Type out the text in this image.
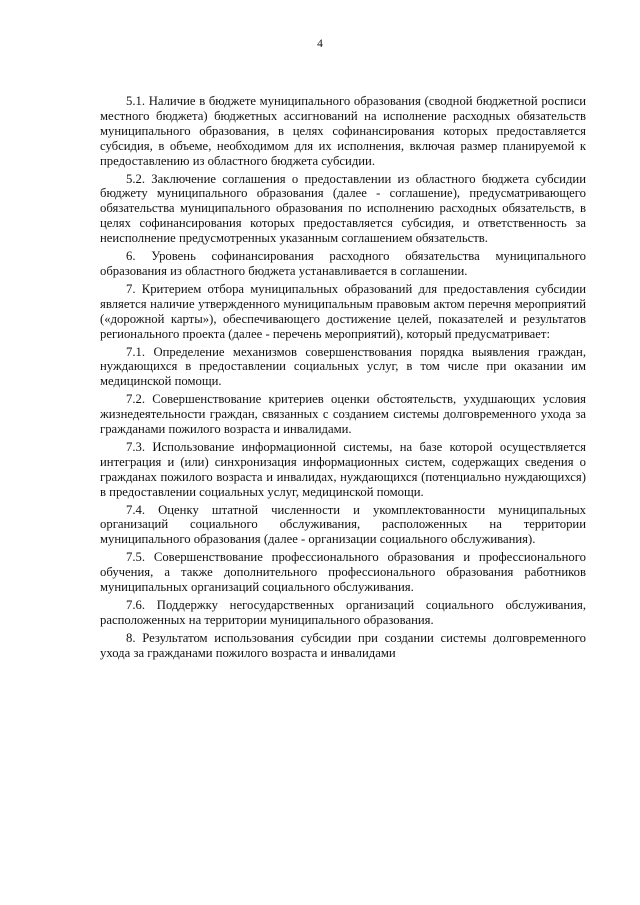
4

5.1. Наличие в бюджете муниципального образования (сводной бюджетной росписи местного бюджета) бюджетных ассигнований на исполнение расходных обязательств муниципального образования, в целях софинансирования которых предоставляется субсидия, в объеме, необходимом для их исполнения, включая размер планируемой к предоставлению из областного бюджета субсидии.

5.2. Заключение соглашения о предоставлении из областного бюджета субсидии бюджету муниципального образования (далее - соглашение), предусматривающего обязательства муниципального образования по исполнению расходных обязательств, в целях софинансирования которых предоставляется субсидия, и ответственность за неисполнение предусмотренных указанным соглашением обязательств.

6. Уровень софинансирования расходного обязательства муниципального образования из областного бюджета устанавливается в соглашении.

7. Критерием отбора муниципальных образований для предоставления субсидии является наличие утвержденного муниципальным правовым актом перечня мероприятий («дорожной карты»), обеспечивающего достижение целей, показателей и результатов регионального проекта (далее - перечень мероприятий), который предусматривает:

7.1. Определение механизмов совершенствования порядка выявления граждан, нуждающихся в предоставлении социальных услуг, в том числе при оказании им медицинской помощи.

7.2. Совершенствование критериев оценки обстоятельств, ухудшающих условия жизнедеятельности граждан, связанных с созданием системы долговременного ухода за гражданами пожилого возраста и инвалидами.

7.3. Использование информационной системы, на базе которой осуществляется интеграция и (или) синхронизация информационных систем, содержащих сведения о гражданах пожилого возраста и инвалидах, нуждающихся (потенциально нуждающихся) в предоставлении социальных услуг, медицинской помощи.

7.4. Оценку штатной численности и укомплектованности муниципальных организаций социального обслуживания, расположенных на территории муниципального образования (далее - организации социального обслуживания).

7.5. Совершенствование профессионального образования и профессионального обучения, а также дополнительного профессионального образования работников муниципальных организаций социального обслуживания.

7.6. Поддержку негосударственных организаций социального обслуживания, расположенных на территории муниципального образования.

8. Результатом использования субсидии при создании системы долговременного ухода за гражданами пожилого возраста и инвалидами
